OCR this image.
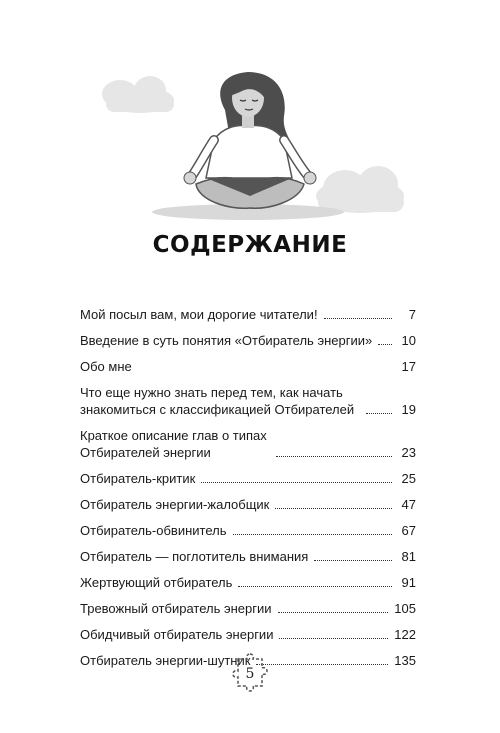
СОДЕРЖАНИЕ
Мой посыл вам, мои дорогие читатели!	7
Введение в суть понятия «Отбиратель энергии» 10
Обо мне	17
Что еще нужно знать перед тем, как начать знакомиться с классификацией Отбирателей	19
Краткое описание глав о типах Отбирателей энергии	23
Отбиратель-критик	25
Отбиратель энергии-жалобщик	47
Отбиратель-обвинитель	67
Отбиратель — поглотитель внимания	81
Жертвующий отбиратель	91
Тревожный отбиратель энергии	105
Обидчивый отбиратель энергии	122
Отбиратель энергии-шутник	135
5
